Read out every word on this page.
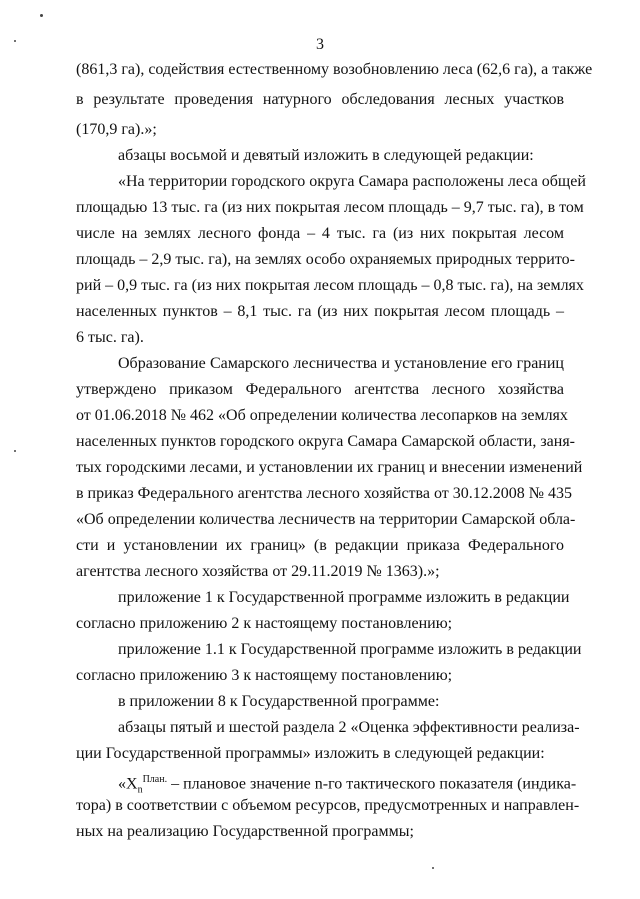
3
(861,3 га), содействия естественному возобновлению леса (62,6 га), а также
в результате проведения натурного обследования лесных участков
(170,9 га).»;
абзацы восьмой и девятый изложить в следующей редакции:
«На территории городского округа Самара расположены леса общей
площадью 13 тыс. га (из них покрытая лесом площадь – 9,7 тыс. га), в том
числе на землях лесного фонда – 4 тыс. га (из них покрытая лесом
площадь – 2,9 тыс. га), на землях особо охраняемых природных террито-
рий – 0,9 тыс. га (из них покрытая лесом площадь – 0,8 тыс. га), на землях
населенных пунктов – 8,1 тыс. га (из них покрытая лесом площадь –
6 тыс. га).
Образование Самарского лесничества и установление его границ
утверждено приказом Федерального агентства лесного хозяйства
от 01.06.2018 № 462 «Об определении количества лесопарков на землях
населенных пунктов городского округа Самара Самарской области, заня-
тых городскими лесами, и установлении их границ и внесении изменений
в приказ Федерального агентства лесного хозяйства от 30.12.2008 № 435
«Об определении количества лесничеств на территории Самарской обла-
сти и установлении их границ» (в редакции приказа Федерального
агентства лесного хозяйства от 29.11.2019 № 1363).»;
приложение 1 к Государственной программе изложить в редакции
согласно приложению 2 к настоящему постановлению;
приложение 1.1 к Государственной программе изложить в редакции
согласно приложению 3 к настоящему постановлению;
в приложении 8 к Государственной программе:
абзацы пятый и шестой раздела 2 «Оценка эффективности реализа-
ции Государственной программы» изложить в следующей редакции:
«$X_n^{План.}$ – плановое значение n-го тактического показателя (индика-
тора) в соответствии с объемом ресурсов, предусмотренных и направлен-
ных на реализацию Государственной программы;
